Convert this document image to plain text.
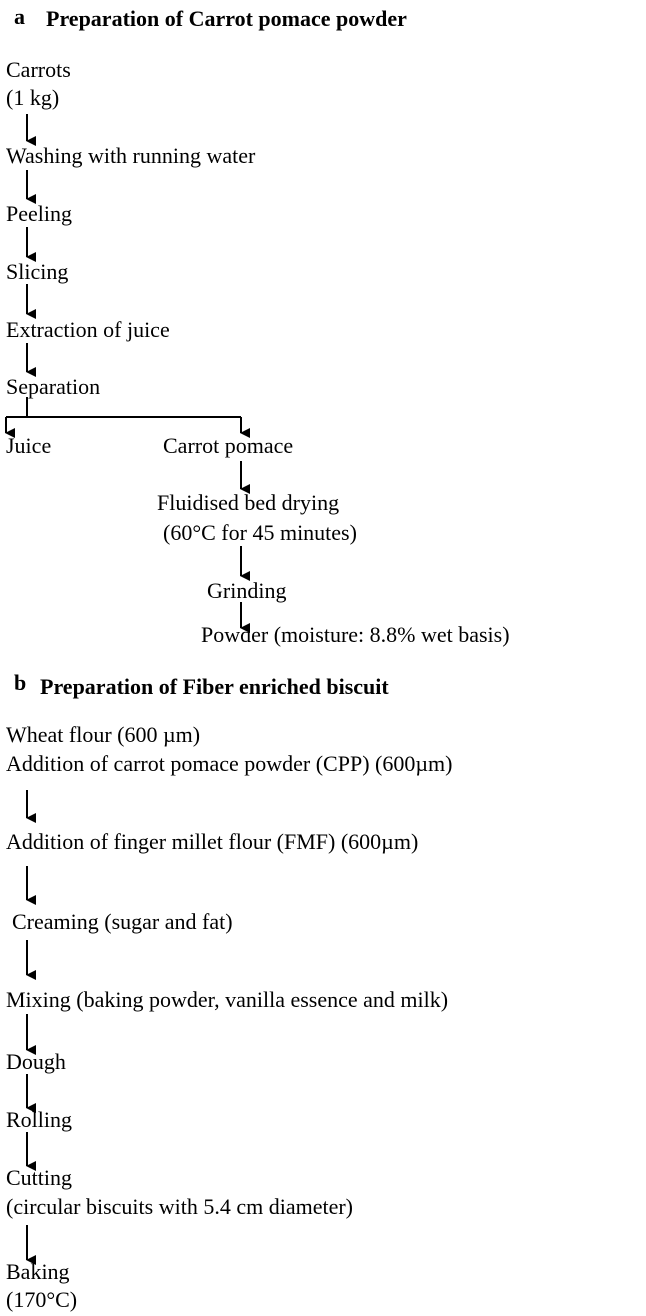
a Preparation of Carrot pomace powder
Carrots
(1 kg)
Washing with running water
Peeling
Slicing
Extraction of juice
Separation
Juice	Carrot pomace
Fluidised bed drying
(60°C for 45 minutes)
Grinding
Powder (moisture: 8.8% wet basis)
b Preparation of Fiber enriched biscuit
Wheat flour (600 µm)
Addition of carrot pomace powder (CPP) (600µm)
Addition of finger millet flour (FMF) (600µm)
Creaming (sugar and fat)
Mixing (baking powder, vanilla essence and milk)
Dough
Rolling
Cutting
(circular biscuits with 5.4 cm diameter)
Baking
(170°C)
